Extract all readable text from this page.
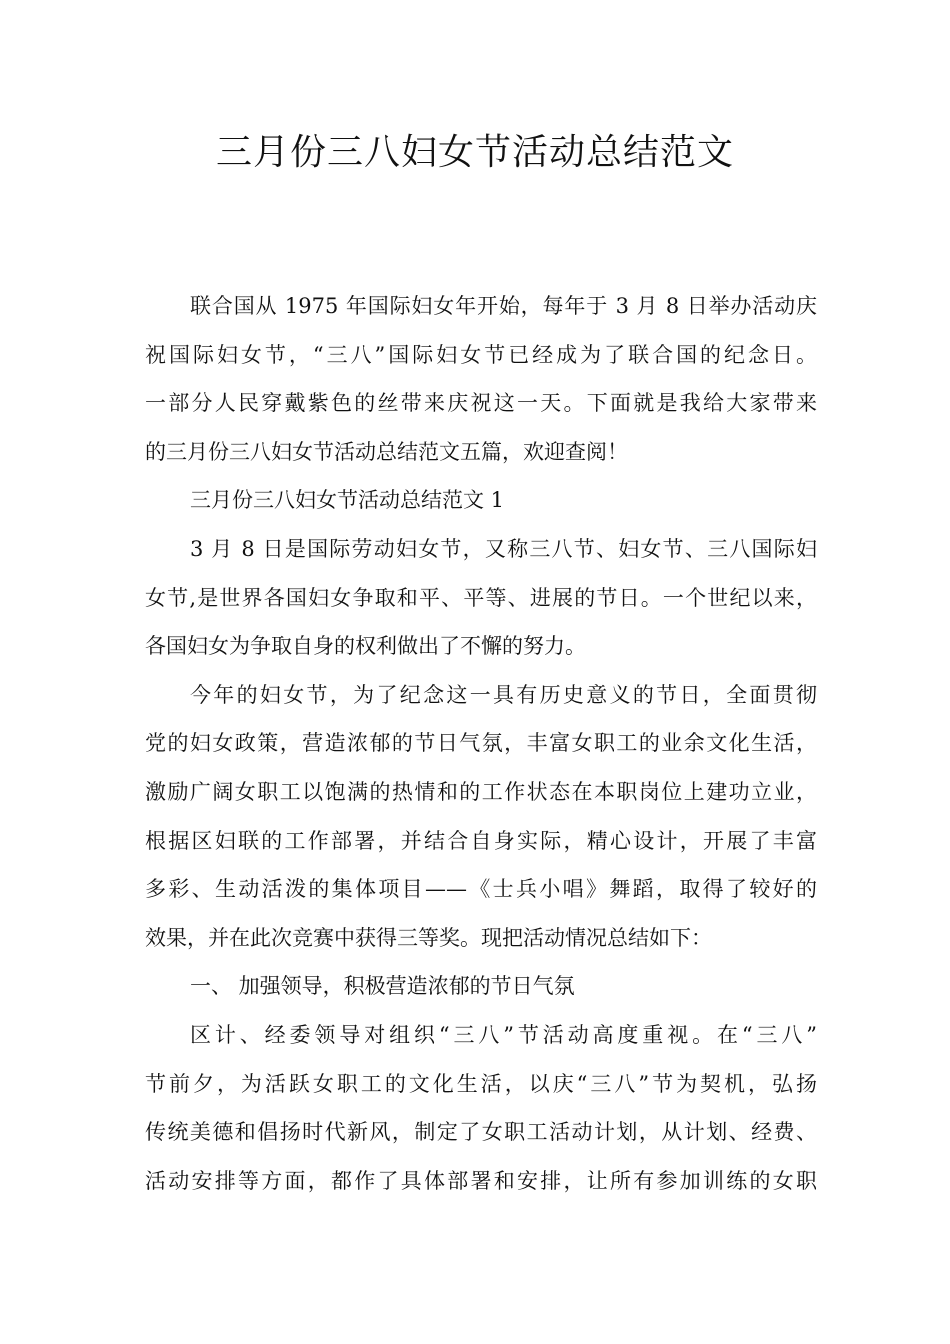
三月份三八妇女节活动总结范文
联合国从 1975 年国际妇女年开始，每年于 3 月 8 日举办活动庆
祝国际妇女节，“三八”国际妇女节已经成为了联合国的纪念日。
一部分人民穿戴紫色的丝带来庆祝这一天。下面就是我给大家带来
的三月份三八妇女节活动总结范文五篇，欢迎查阅！
三月份三八妇女节活动总结范文 1
3 月 8 日是国际劳动妇女节，又称三八节、妇女节、三八国际妇
女节,是世界各国妇女争取和平、平等、进展的节日。一个世纪以来，
各国妇女为争取自身的权利做出了不懈的努力。
今年的妇女节，为了纪念这一具有历史意义的节日，全面贯彻
党的妇女政策，营造浓郁的节日气氛，丰富女职工的业余文化生活，
激励广阔女职工以饱满的热情和的工作状态在本职岗位上建功立业，
根据区妇联的工作部署，并结合自身实际，精心设计，开展了丰富
多彩、生动活泼的集体项目——《士兵小唱》舞蹈，取得了较好的
效果，并在此次竞赛中获得三等奖。现把活动情况总结如下：
一、 加强领导，积极营造浓郁的节日气氛
区计、经委领导对组织“三八”节活动高度重视。在“三八”
节前夕，为活跃女职工的文化生活，以庆“三八”节为契机，弘扬
传统美德和倡扬时代新风，制定了女职工活动计划，从计划、经费、
活动安排等方面，都作了具体部署和安排，让所有参加训练的女职
